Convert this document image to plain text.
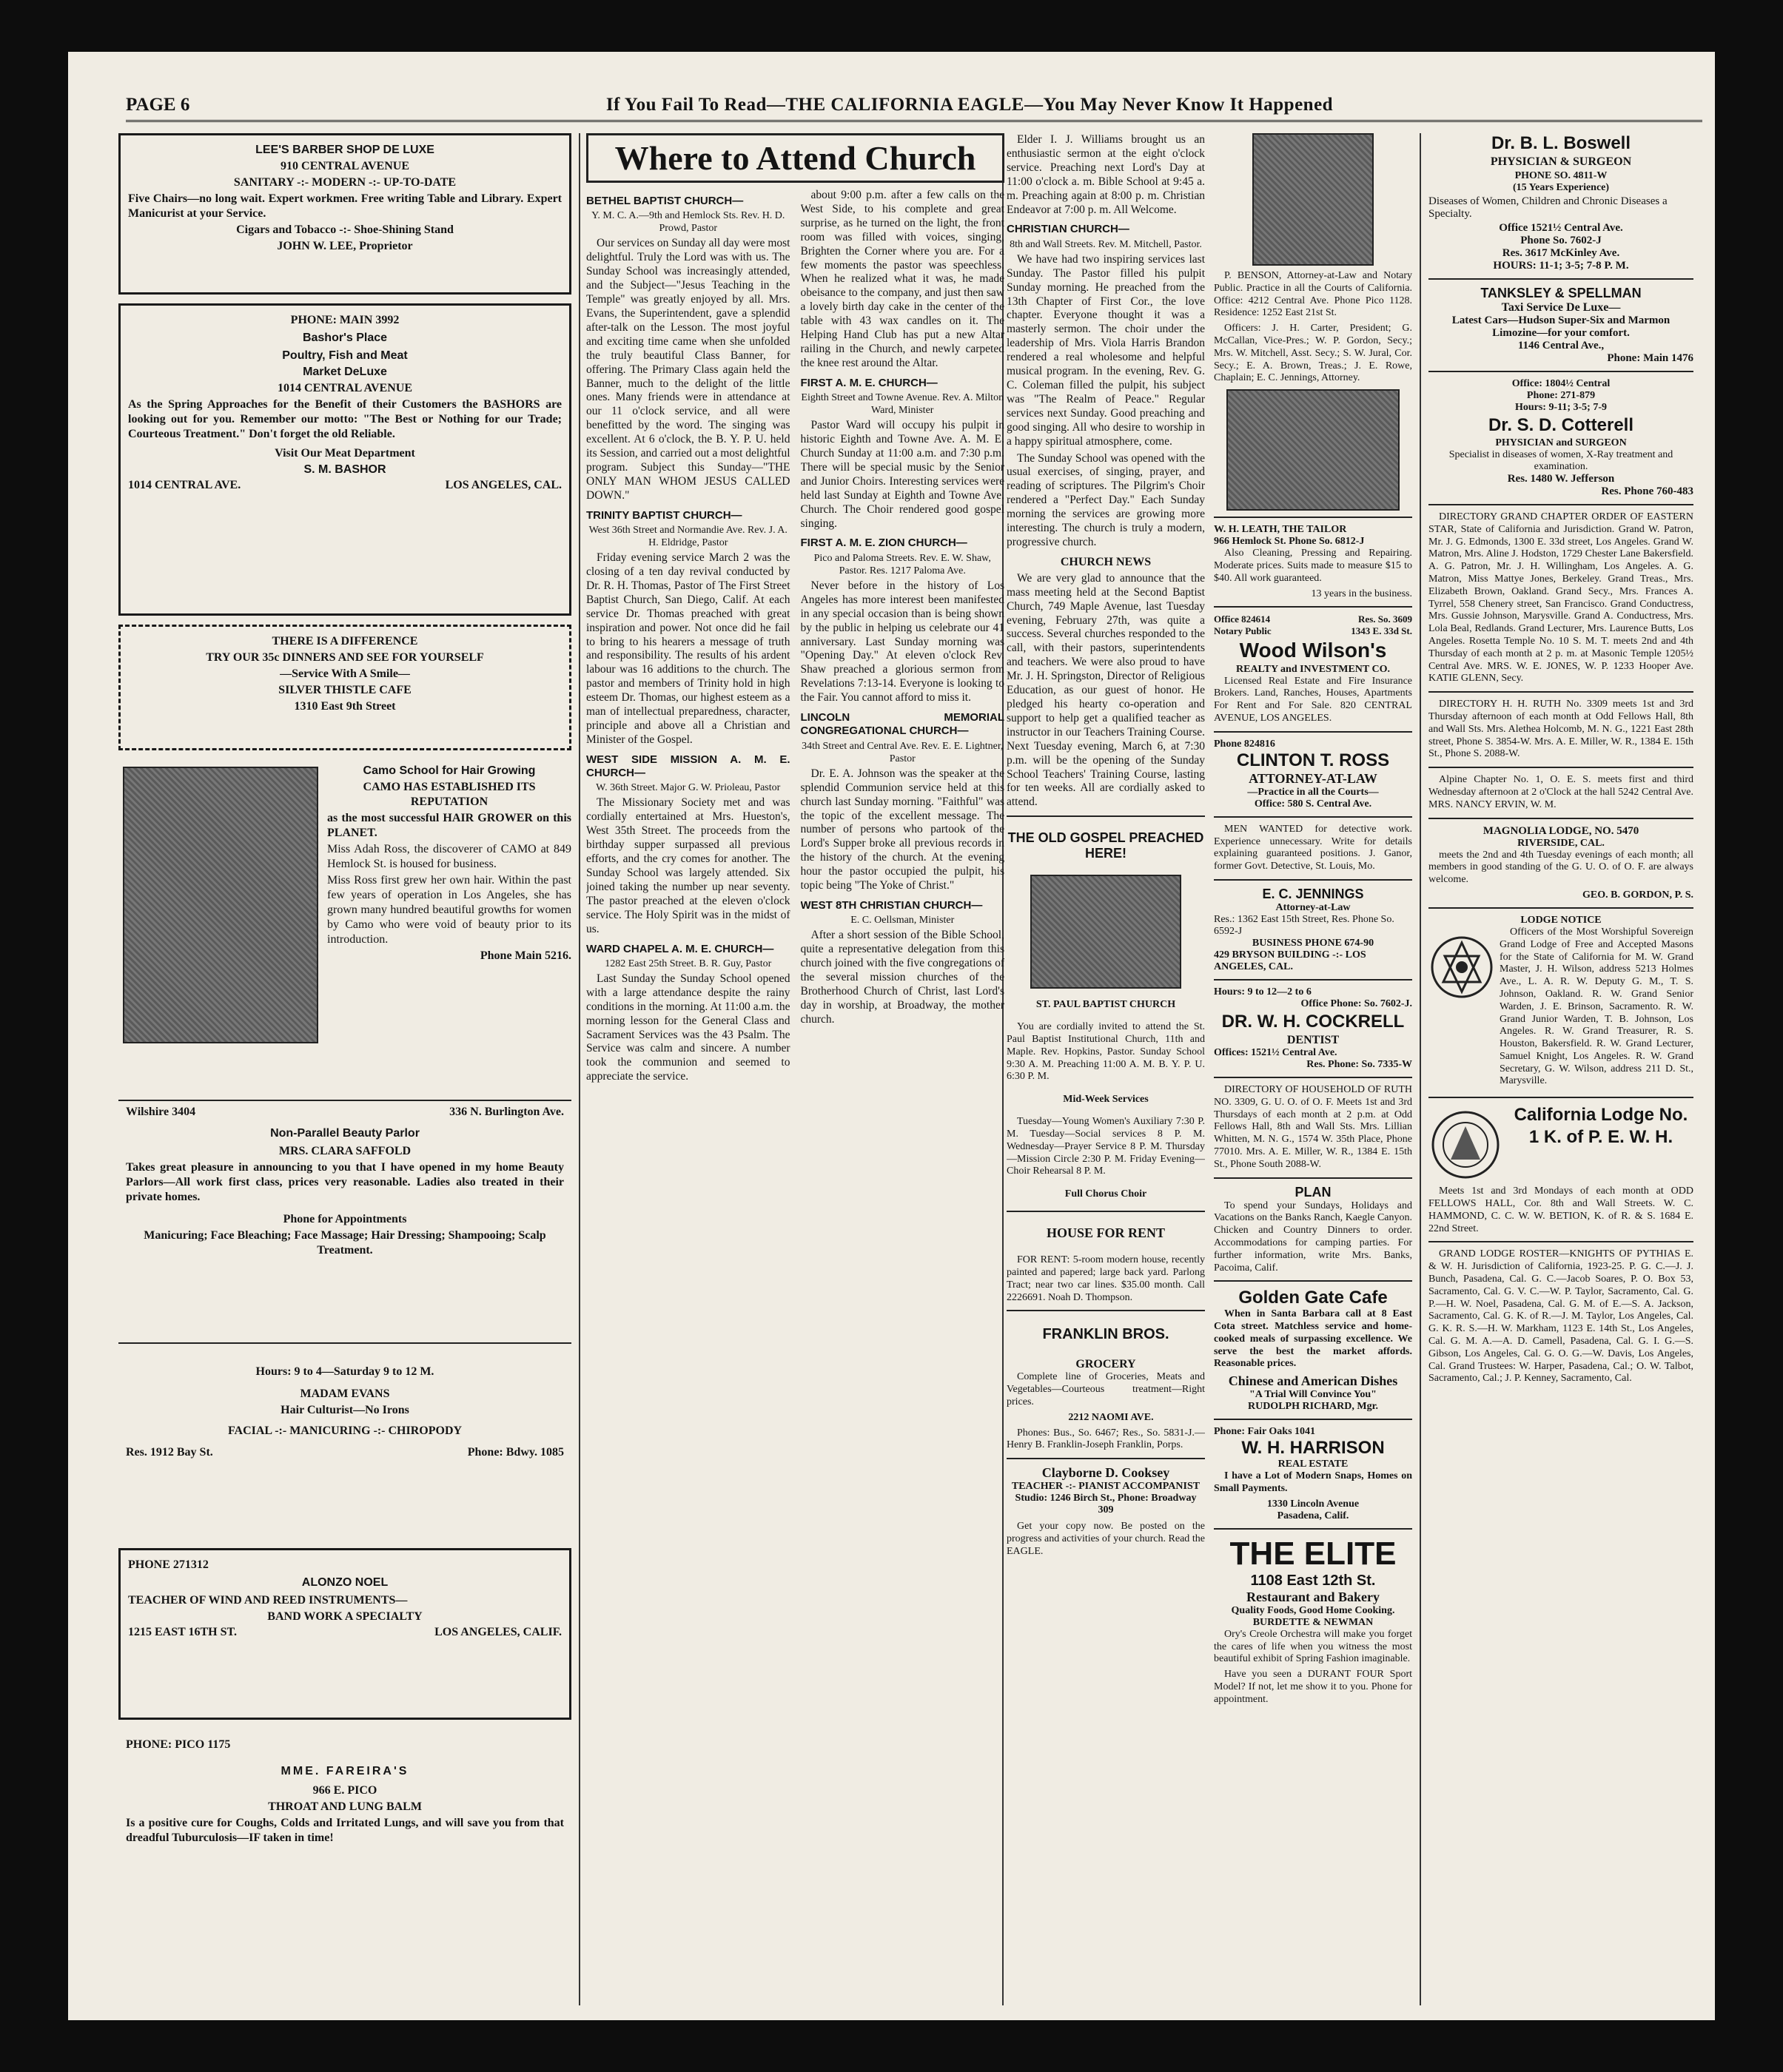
PAGE 6	If You Fail To Read—THE CALIFORNIA EAGLE—You May Never Know It Happened

LEE'S BARBER SHOP DE LUXE

910 CENTRAL AVENUE

SANITARY -:- MODERN -:- UP-TO-DATE

Five Chairs—no long wait. Expert workmen. Free writing Table and Library. Expert Manicurist at your Service.

Cigars and Tobacco -:- Shoe-Shining Stand

JOHN W. LEE, Proprietor

PHONE: MAIN 3992

Bashor's Place

Poultry, Fish and Meat

Market DeLuxe

1014 CENTRAL AVENUE

As the Spring Approaches for the Benefit of their Customers the BASHORS are looking out for you. Remember our motto: "The Best or Nothing for our Trade; Courteous Treatment." Don't forget the old Reliable.

Visit Our Meat Department

S. M. BASHOR

1014 CENTRAL AVE.	LOS ANGELES, CAL.

THERE IS A DIFFERENCE

TRY OUR 35c DINNERS AND SEE FOR YOURSELF

—Service With A Smile—

SILVER THISTLE CAFE

1310 East 9th Street

Camo School for Hair Growing

CAMO HAS ESTABLISHED ITS REPUTATION

as the most successful HAIR GROWER on this PLANET.

Miss Adah Ross, the discoverer of CAMO at 849 Hemlock St. is housed for business.

Miss Ross first grew her own hair. Within the past few years of operation in Los Angeles, she has grown many hundred beautiful growths for women by Camo who were void of beauty prior to its introduction.

Phone Main 5216.

Wilshire 3404	336 N. Burlington Ave.

Non-Parallel Beauty Parlor

MRS. CLARA SAFFOLD

Takes great pleasure in announcing to you that I have opened in my home Beauty Parlors—All work first class, prices very reasonable. Ladies also treated in their private homes.

Phone for Appointments

Manicuring; Face Bleaching; Face Massage; Hair Dressing; Shampooing; Scalp Treatment.

Hours: 9 to 4—Saturday 9 to 12 M.

MADAM EVANS

Hair Culturist—No Irons

FACIAL -:- MANICURING -:- CHIROPODY

Res. 1912 Bay St.	Phone: Bdwy. 1085

PHONE 271312

ALONZO NOEL

TEACHER OF WIND AND REED INSTRUMENTS—

BAND WORK A SPECIALTY

1215 EAST 16TH ST.	LOS ANGELES, CALIF.

PHONE: PICO 1175

MME. FAREIRA'S

966 E. PICO

THROAT AND LUNG BALM

Is a positive cure for Coughs, Colds and Irritated Lungs, and will save you from that dreadful Tuburculosis—IF taken in time!

Where to Attend Church
BETHEL BAPTIST CHURCH—
Y. M. C. A.—9th and Hemlock Sts. Rev. H. D. Prowd, Pastor

Our services on Sunday all day were most delightful. Truly the Lord was with us. The Sunday School was increasingly attended, and the Subject—"Jesus Teaching in the Temple" was greatly enjoyed by all. Mrs. Evans, the Superintendent, gave a splendid after-talk on the Lesson. The most joyful and exciting time came when she unfolded the truly beautiful Class Banner, for offering. The Primary Class again held the Banner, much to the delight of the little ones. Many friends were in attendance at our 11 o'clock service, and all were benefitted by the word. The singing was excellent. At 6 o'clock, the B. Y. P. U. held its Session, and carried out a most delightful program. Subject this Sunday—"THE ONLY MAN WHOM JESUS CALLED DOWN."

TRINITY BAPTIST CHURCH—
West 36th Street and Normandie Ave. Rev. J. A. H. Eldridge, Pastor

Friday evening service March 2 was the closing of a ten day revival conducted by Dr. R. H. Thomas, Pastor of The First Street Baptist Church, San Diego, Calif. At each service Dr. Thomas preached with great inspiration and power. Not once did he fail to bring to his hearers a message of truth and responsibility. The results of his ardent labour was 16 additions to the church. The pastor and members of Trinity hold in high esteem Dr. Thomas, our highest esteem as a man of intellectual preparedness, character, principle and above all a Christian and Minister of the Gospel.

WEST SIDE MISSION A. M. E. CHURCH—
W. 36th Street. Major G. W. Prioleau, Pastor

The Missionary Society met and was cordially entertained at Mrs. Hueston's, West 35th Street. The proceeds from the birthday supper surpassed all previous efforts, and the cry comes for another. The Sunday School was largely attended. Six joined taking the number up near seventy. The pastor preached at the eleven o'clock service. The Holy Spirit was in the midst of us.

WARD CHAPEL A. M. E. CHURCH—
1282 East 25th Street. B. R. Guy, Pastor

Last Sunday the Sunday School opened with a large attendance despite the rainy conditions in the morning. At 11:00 a.m. the morning lesson for the General Class and Sacrament Services was the 43 Psalm. The Service was calm and sincere. A number took the communion and seemed to appreciate the service.

about 9:00 p.m. after a few calls on the West Side, to his complete and great surprise, as he turned on the light, the front room was filled with voices, singing, Brighten the Corner where you are. For a few moments the pastor was speechless. When he realized what it was, he made obeisance to the company, and just then saw a lovely birth day cake in the center of the table with 43 wax candles on it. The Helping Hand Club has put a new Altar railing in the Church, and newly carpeted the knee rest around the Altar.

FIRST A. M. E. CHURCH—
Eighth Street and Towne Avenue. Rev. A. Milton Ward, Minister

Pastor Ward will occupy his pulpit in historic Eighth and Towne Ave. A. M. E. Church Sunday at 11:00 a.m. and 7:30 p.m. There will be special music by the Senior and Junior Choirs. Interesting services were held last Sunday at Eighth and Towne Ave. Church. The Choir rendered good gospel singing.

FIRST A. M. E. ZION CHURCH—
Pico and Paloma Streets. Rev. E. W. Shaw, Pastor. Res. 1217 Paloma Ave.

Never before in the history of Los Angeles has more interest been manifested in any special occasion than is being shown by the public in helping us celebrate our 41 anniversary. Last Sunday morning was "Opening Day." At eleven o'clock Rev. Shaw preached a glorious sermon from Revelations 7:13-14. Everyone is looking to the Fair. You cannot afford to miss it.

LINCOLN MEMORIAL CONGREGATIONAL CHURCH—
34th Street and Central Ave. Rev. E. E. Lightner, Pastor

Dr. E. A. Johnson was the speaker at the splendid Communion service held at this church last Sunday morning. "Faithful" was the topic of the excellent message. The number of persons who partook of the Lord's Supper broke all previous records in the history of the church. At the evening hour the pastor occupied the pulpit, his topic being "The Yoke of Christ."

WEST 8TH CHRISTIAN CHURCH—
E. C. Oellsman, Minister

After a short session of the Bible School, quite a representative delegation from this church joined with the five congregations of the several mission churches of the Brotherhood Church of Christ, last Lord's day in worship, at Broadway, the mother church.

Elder I. J. Williams brought us an enthusiastic sermon at the eight o'clock service. Preaching next Lord's Day at 11:00 o'clock a. m. Bible School at 9:45 a. m. Preaching again at 8:00 p. m. Christian Endeavor at 7:00 p. m. All Welcome.

CHRISTIAN CHURCH—
8th and Wall Streets. Rev. M. Mitchell, Pastor.

We have had two inspiring services last Sunday. The Pastor filled his pulpit Sunday morning. He preached from the 13th Chapter of First Cor., the love chapter. Everyone thought it was a masterly sermon. The choir under the leadership of Mrs. Viola Harris Brandon rendered a real wholesome and helpful musical program. In the evening, Rev. G. C. Coleman filled the pulpit, his subject was "The Realm of Peace." Regular services next Sunday. Good preaching and good singing. All who desire to worship in a happy spiritual atmosphere, come.

The Sunday School was opened with the usual exercises, of singing, prayer, and reading of scriptures. The Pilgrim's Choir rendered a "Perfect Day." Each Sunday morning the services are growing more interesting. The church is truly a modern, progressive church.

CHURCH NEWS

We are very glad to announce that the mass meeting held at the Second Baptist Church, 749 Maple Avenue, last Tuesday evening, February 27th, was quite a success. Several churches responded to the call, with their pastors, superintendents and teachers. We were also proud to have Mr. J. H. Springston, Director of Religious Education, as our guest of honor. He pledged his hearty co-operation and support to help get a qualified teacher as instructor in our Teachers Training Course. Next Tuesday evening, March 6, at 7:30 p.m. will be the opening of the Sunday School Teachers' Training Course, lasting for ten weeks. All are cordially asked to attend.

THE OLD GOSPEL PREACHED HERE!

ST. PAUL BAPTIST CHURCH

You are cordially invited to attend the St. Paul Baptist Institutional Church, 11th and Maple. Rev. Hopkins, Pastor. Sunday School 9:30 A. M. Preaching 11:00 A. M. B. Y. P. U. 6:30 P. M.

Mid-Week Services

Tuesday—Young Women's Auxiliary 7:30 P. M. Tuesday—Social services 8 P. M. Wednesday—Prayer Service 8 P. M. Thursday—Mission Circle 2:30 P. M. Friday Evening—Choir Rehearsal 8 P. M.

Full Chorus Choir

HOUSE FOR RENT

FOR RENT: 5-room modern house, recently painted and papered; large back yard. Parlong Tract; near two car lines. $35.00 month. Call 2226691. Noah D. Thompson.

FRANKLIN BROS.

GROCERY

Complete line of Groceries, Meats and Vegetables—Courteous treatment—Right prices.

2212 NAOMI AVE.

Phones: Bus., So. 6467; Res., So. 5831-J.—Henry B. Franklin-Joseph Franklin, Porps.

Clayborne D. Cooksey

TEACHER -:- PIANIST ACCOMPANIST

Studio: 1246 Birch St., Phone: Broadway 309

Get your copy now. Be posted on the progress and activities of your church. Read the EAGLE.

P. BENSON, Attorney-at-Law and Notary Public. Practice in all the Courts of California. Office: 4212 Central Ave. Phone Pico 1128. Residence: 1252 East 21st St.

Officers: J. H. Carter, President; G. McCallan, Vice-Pres.; W. P. Gordon, Secy.; Mrs. W. Mitchell, Asst. Secy.; S. W. Jural, Cor. Secy.; E. A. Brown, Treas.; J. E. Rowe, Chaplain; E. C. Jennings, Attorney.

W. H. LEATH, THE TAILOR

966 Hemlock St. Phone So. 6812-J

Also Cleaning, Pressing and Repairing. Moderate prices. Suits made to measure $15 to $40. All work guaranteed.

13 years in the business.

Office 824614	Res. So. 3609
Notary Public	1343 E. 33d St.

Wood Wilson's

REALTY and INVESTMENT CO.

Licensed Real Estate and Fire Insurance Brokers. Land, Ranches, Houses, Apartments For Rent and For Sale. 820 CENTRAL AVENUE, LOS ANGELES.

Phone 824816

CLINTON T. ROSS

ATTORNEY-AT-LAW

—Practice in all the Courts—

Office: 580 S. Central Ave.

MEN WANTED for detective work. Experience unnecessary. Write for details explaining guaranteed positions. J. Ganor, former Govt. Detective, St. Louis, Mo.

E. C. JENNINGS

Attorney-at-Law

Res.: 1362 East 15th Street, Res. Phone So. 6592-J

BUSINESS PHONE 674-90

429 BRYSON BUILDING -:- LOS ANGELES, CAL.

Hours: 9 to 12—2 to 6

Office Phone: So. 7602-J.

DR. W. H. COCKRELL

DENTIST

Offices: 1521½ Central Ave.

Res. Phone: So. 7335-W

DIRECTORY OF HOUSEHOLD OF RUTH NO. 3309, G. U. O. of O. F. Meets 1st and 3rd Thursdays of each month at 2 p.m. at Odd Fellows Hall, 8th and Wall Sts. Mrs. Lillian Whitten, M. N. G., 1574 W. 35th Place, Phone 77010. Mrs. A. E. Miller, W. R., 1384 E. 15th St., Phone South 2088-W.

PLAN

To spend your Sundays, Holidays and Vacations on the Banks Ranch, Kaegle Canyon. Chicken and Country Dinners to order. Accommodations for camping parties. For further information, write Mrs. Banks, Pacoima, Calif.

Golden Gate Cafe

When in Santa Barbara call at 8 East Cota street. Matchless service and home-cooked meals of surpassing excellence. We serve the best the market affords. Reasonable prices.

Chinese and American Dishes

"A Trial Will Convince You"

RUDOLPH RICHARD, Mgr.

Phone: Fair Oaks 1041

W. H. HARRISON

REAL ESTATE

I have a Lot of Modern Snaps, Homes on Small Payments.

1330 Lincoln Avenue

Pasadena, Calif.

THE ELITE

1108 East 12th St.

Restaurant and Bakery

Quality Foods, Good Home Cooking.

BURDETTE & NEWMAN

Ory's Creole Orchestra will make you forget the cares of life when you witness the most beautiful exhibit of Spring Fashion imaginable.

Have you seen a DURANT FOUR Sport Model? If not, let me show it to you. Phone for appointment.

Dr. B. L. Boswell

PHYSICIAN & SURGEON

PHONE SO. 4811-W

(15 Years Experience)

Diseases of Women, Children and Chronic Diseases a Specialty.

Office 1521½ Central Ave.

Phone So. 7602-J

Res. 3617 McKinley Ave.

HOURS: 11-1; 3-5; 7-8 P. M.

TANKSLEY & SPELLMAN

Taxi Service De Luxe—

Latest Cars—Hudson Super-Six and Marmon Limozine—for your comfort.

1146 Central Ave.,

Phone: Main 1476

Office: 1804½ Central

Phone: 271-879

Hours: 9-11; 3-5; 7-9

Dr. S. D. Cotterell

PHYSICIAN and SURGEON

Specialist in diseases of women, X-Ray treatment and examination.

Res. 1480 W. Jefferson

Res. Phone 760-483

DIRECTORY GRAND CHAPTER ORDER OF EASTERN STAR, State of California and Jurisdiction. Grand W. Patron, Mr. J. G. Edmonds, 1300 E. 33d street, Los Angeles. Grand W. Matron, Mrs. Aline J. Hodston, 1729 Chester Lane Bakersfield. A. G. Patron, Mr. J. H. Willingham, Los Angeles. A. G. Matron, Miss Mattye Jones, Berkeley. Grand Treas., Mrs. Elizabeth Brown, Oakland. Grand Secy., Mrs. Frances A. Tyrrel, 558 Chenery street, San Francisco. Grand Conductress, Mrs. Gussie Johnson, Marysville. Grand A. Conductress, Mrs. Lola Beal, Redlands. Grand Lecturer, Mrs. Laurence Butts, Los Angeles. Rosetta Temple No. 10 S. M. T. meets 2nd and 4th Thursday of each month at 2 p. m. at Masonic Temple 1205½ Central Ave. MRS. W. E. JONES, W. P. 1233 Hooper Ave. KATIE GLENN, Secy.

DIRECTORY H. H. RUTH No. 3309 meets 1st and 3rd Thursday afternoon of each month at Odd Fellows Hall, 8th and Wall Sts. Mrs. Alethea Holcomb, M. N. G., 1221 East 28th street, Phone S. 3854-W. Mrs. A. E. Miller, W. R., 1384 E. 15th St., Phone S. 2088-W.

Alpine Chapter No. 1, O. E. S. meets first and third Wednesday afternoon at 2 o'Clock at the hall 5242 Central Ave. MRS. NANCY ERVIN, W. M.

MAGNOLIA LODGE, NO. 5470

RIVERSIDE, CAL.

meets the 2nd and 4th Tuesday evenings of each month; all members in good standing of the G. U. O. of O. F. are always welcome.

GEO. B. GORDON, P. S.

LODGE NOTICE

Officers of the Most Worshipful Sovereign Grand Lodge of Free and Accepted Masons for the State of California for M. W. Grand Master, J. H. Wilson, address 5213 Holmes Ave., L. A. R. W. Deputy G. M., T. S. Johnson, Oakland. R. W. Grand Senior Warden, J. E. Brinson, Sacramento. R. W. Grand Junior Warden, T. B. Johnson, Los Angeles. R. W. Grand Treasurer, R. S. Houston, Bakersfield. R. W. Grand Lecturer, Samuel Knight, Los Angeles. R. W. Grand Secretary, G. W. Wilson, address 211 D. St., Marysville.

California Lodge No. 1 K. of P. E. W. H.

Meets 1st and 3rd Mondays of each month at ODD FELLOWS HALL, Cor. 8th and Wall Streets. W. C. HAMMOND, C. C. W. W. BETION, K. of R. & S. 1684 E. 22nd Street.

GRAND LODGE ROSTER—KNIGHTS OF PYTHIAS E. & W. H. Jurisdiction of California, 1923-25. P. G. C.—J. J. Bunch, Pasadena, Cal. G. C.—Jacob Soares, P. O. Box 53, Sacramento, Cal. G. V. C.—W. P. Taylor, Sacramento, Cal. G. P.—H. W. Noel, Pasadena, Cal. G. M. of E.—S. A. Jackson, Sacramento, Cal. G. K. of R.—J. M. Taylor, Los Angeles, Cal. G. K. R. S.—H. W. Markham, 1123 E. 14th St., Los Angeles, Cal. G. M. A.—A. D. Camell, Pasadena, Cal. G. I. G.—S. Gibson, Los Angeles, Cal. G. O. G.—W. Davis, Los Angeles, Cal. Grand Trustees: W. Harper, Pasadena, Cal.; O. W. Talbot, Sacramento, Cal.; J. P. Kenney, Sacramento, Cal.
